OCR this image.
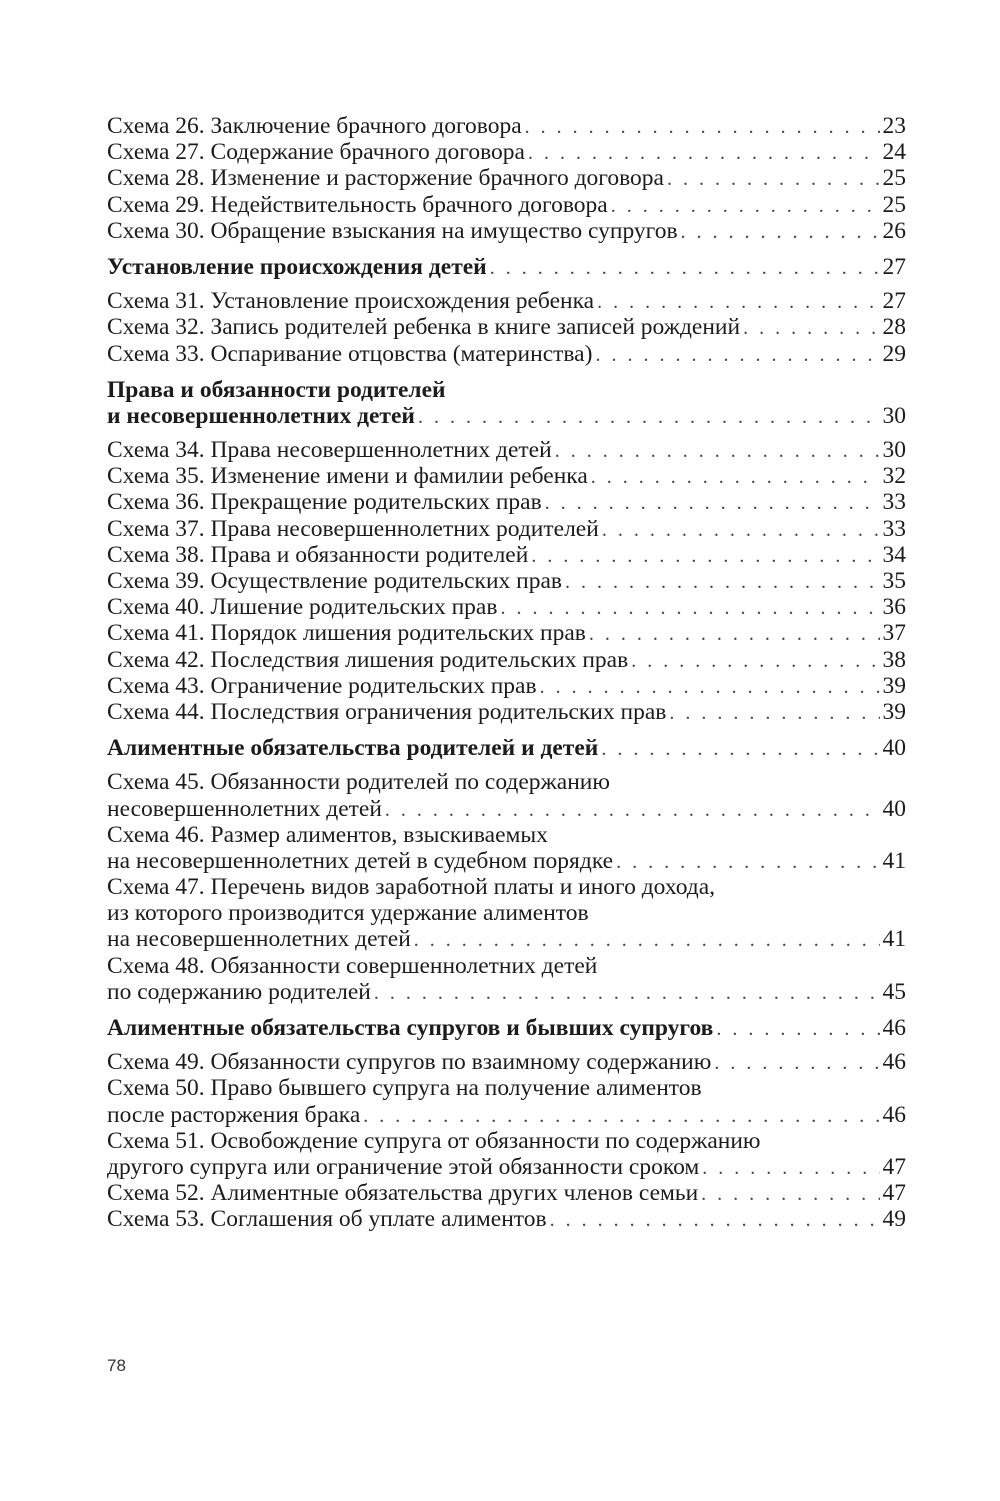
Схема 26. Заключение брачного договора . . .	23
Схема 27. Содержание брачного договора . . .	24
Схема 28. Изменение и расторжение брачного договора . . .	25
Схема 29. Недействительность брачного договора . . .	25
Схема 30. Обращение взыскания на имущество супругов . . .	26
Установление происхождения детей . . .	27
Схема 31. Установление происхождения ребенка . . .	27
Схема 32. Запись родителей ребенка в книге записей рождений . . .	28
Схема 33. Оспаривание отцовства (материнства) . . .	29
Права и обязанности родителей
и несовершеннолетних детей . . .	30
Схема 34. Права несовершеннолетних детей . . .	30
Схема 35. Изменение имени и фамилии ребенка . . .	32
Схема 36. Прекращение родительских прав . . .	33
Схема 37. Права несовершеннолетних родителей . . .	33
Схема 38. Права и обязанности родителей . . .	34
Схема 39. Осуществление родительских прав . . .	35
Схема 40. Лишение родительских прав . . .	36
Схема 41. Порядок лишения родительских прав . . .	37
Схема 42. Последствия лишения родительских прав . . .	38
Схема 43. Ограничение родительских прав . . .	39
Схема 44. Последствия ограничения родительских прав . . .	39
Алиментные обязательства родителей и детей . . .	40
Схема 45. Обязанности родителей по содержанию
несовершеннолетних детей . . .	40
Схема 46. Размер алиментов, взыскиваемых
на несовершеннолетних детей в судебном порядке . . .	41
Схема 47. Перечень видов заработной платы и иного дохода,
из которого производится удержание алиментов
на несовершеннолетних детей . . .	41
Схема 48. Обязанности совершеннолетних детей
по содержанию родителей . . .	45
Алиментные обязательства супругов и бывших супругов . . .	46
Схема 49. Обязанности супругов по взаимному содержанию . . .	46
Схема 50. Право бывшего супруга на получение алиментов
после расторжения брака . . .	46
Схема 51. Освобождение супруга от обязанности по содержанию
другого супруга или ограничение этой обязанности сроком . . .	47
Схема 52. Алиментные обязательства других членов семьи . . .	47
Схема 53. Соглашения об уплате алиментов . . .	49
78
